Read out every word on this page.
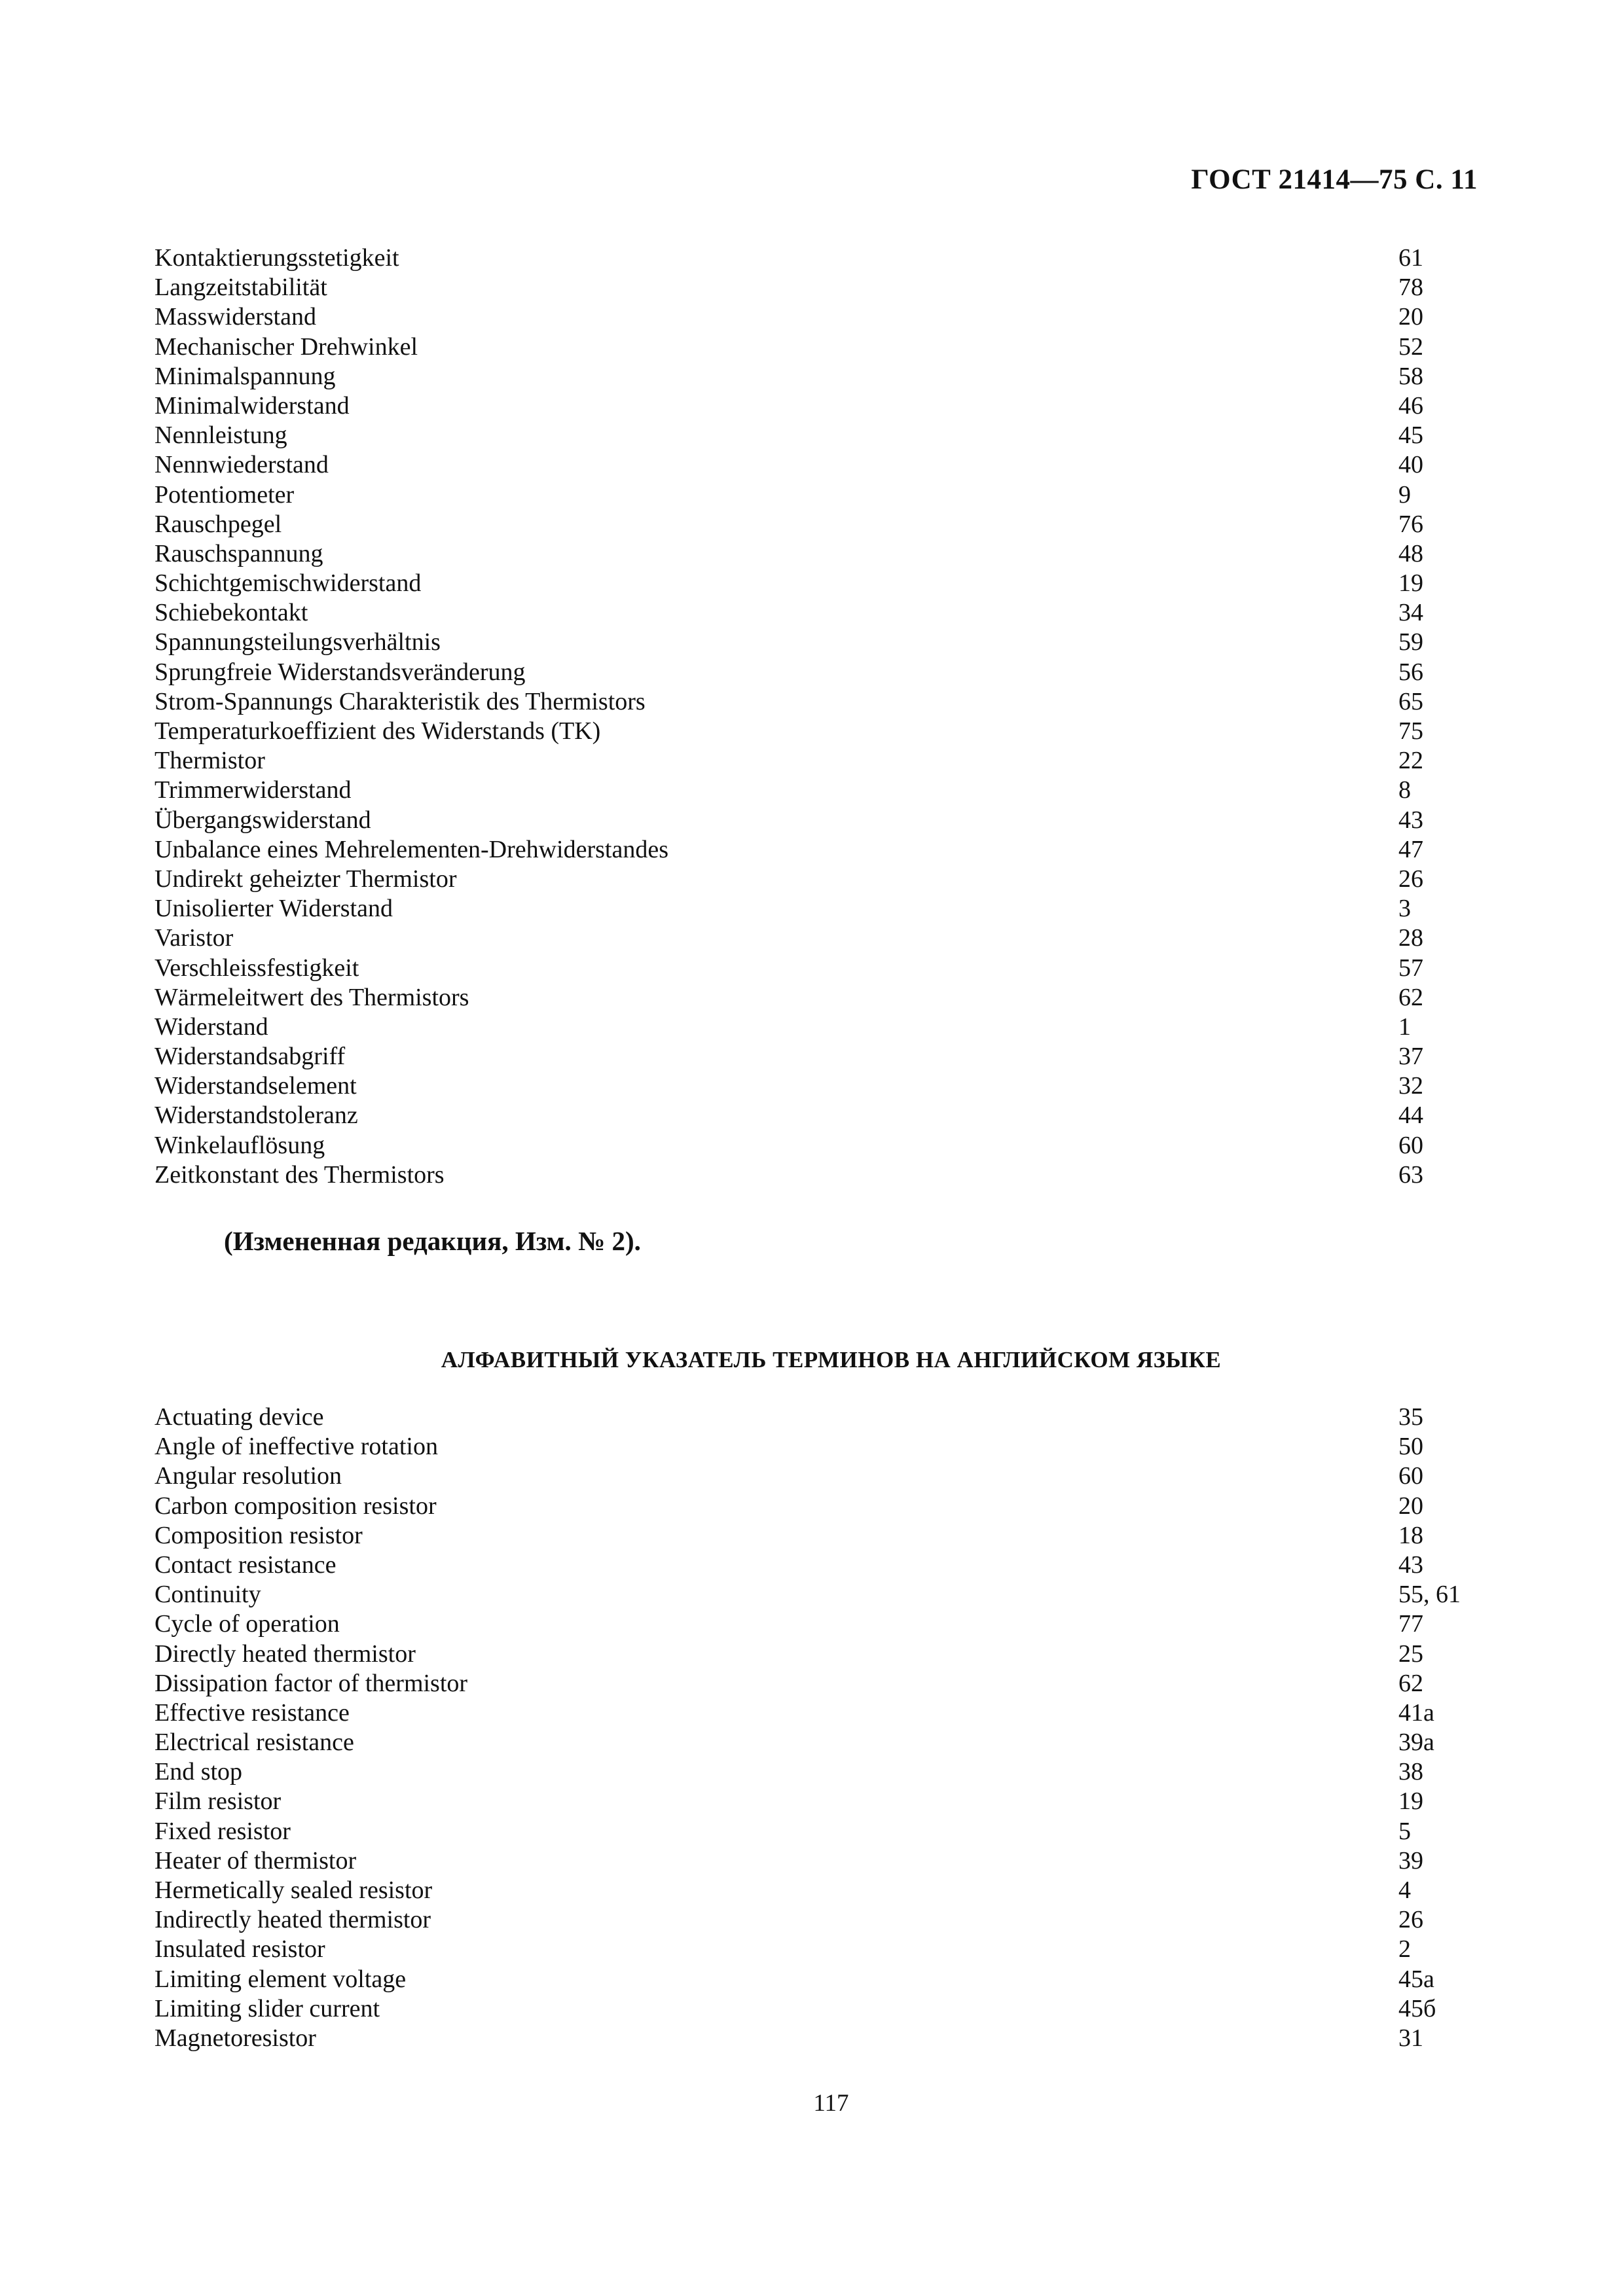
ГОСТ 21414—75 С. 11
Kontaktierungsstetigkeit	61
Langzeitstabilität	78
Masswiderstand	20
Mechanischer Drehwinkel	52
Minimalspannung	58
Minimalwiderstand	46
Nennleistung	45
Nennwiederstand	40
Potentiometer	9
Rauschpegel	76
Rauschspannung	48
Schichtgemischwiderstand	19
Schiebekontakt	34
Spannungsteilungsverhältnis	59
Sprungfreie Widerstandsveränderung	56
Strom-Spannungs Charakteristik des Thermistors	65
Temperaturkoeffizient des Widerstands (TK)	75
Thermistor	22
Trimmerwiderstand	8
Übergangswiderstand	43
Unbalance eines Mehrelementen-Drehwiderstandes	47
Undirekt geheizter Thermistor	26
Unisolierter Widerstand	3
Varistor	28
Verschleissfestigkeit	57
Wärmeleitwert des Thermistors	62
Widerstand	1
Widerstandsabgriff	37
Widerstandselement	32
Widerstandstoleranz	44
Winkelauflösung	60
Zeitkonstant des Thermistors	63
(Измененная редакция, Изм. № 2).
АЛФАВИТНЫЙ УКАЗАТЕЛЬ ТЕРМИНОВ НА АНГЛИЙСКОМ ЯЗЫКЕ
Actuating device	35
Angle of ineffective rotation	50
Angular resolution	60
Carbon composition resistor	20
Composition resistor	18
Contact resistance	43
Continuity	55, 61
Cycle of operation	77
Directly heated thermistor	25
Dissipation factor of thermistor	62
Effective resistance	41a
Electrical resistance	39a
End stop	38
Film resistor	19
Fixed resistor	5
Heater of thermistor	39
Hermetically sealed resistor	4
Indirectly heated thermistor	26
Insulated resistor	2
Limiting element voltage	45a
Limiting slider current	45б
Magnetoresistor	31
117
